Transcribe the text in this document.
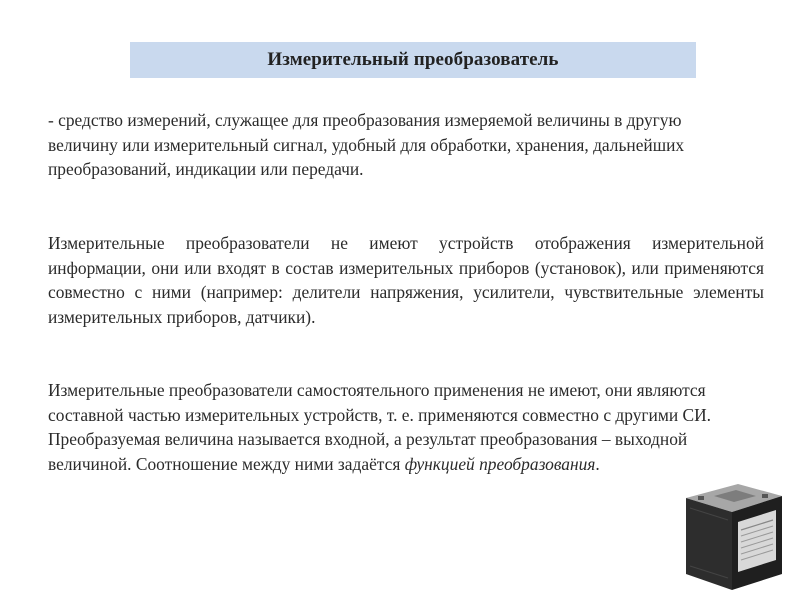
Измерительный преобразователь

- средство измерений, служащее для преобразования измеряемой величины в другую величину или измерительный сигнал, удобный для обработки, хранения, дальнейших преобразований, индикации или передачи.

Измерительные преобразователи не имеют устройств отображения измерительной информации, они или входят в состав измерительных приборов (установок), или применяются совместно с ними (например: делители напряжения, усилители, чувствительные элементы измерительных приборов, датчики).

Измерительные преобразователи самостоятельного применения не имеют, они являются составной частью измерительных устройств, т. е. применяются совместно с другими СИ. Преобразуемая величина называется входной, а результат преобразования – выходной величиной. Соотношение между ними задаётся функцией преобразования.
